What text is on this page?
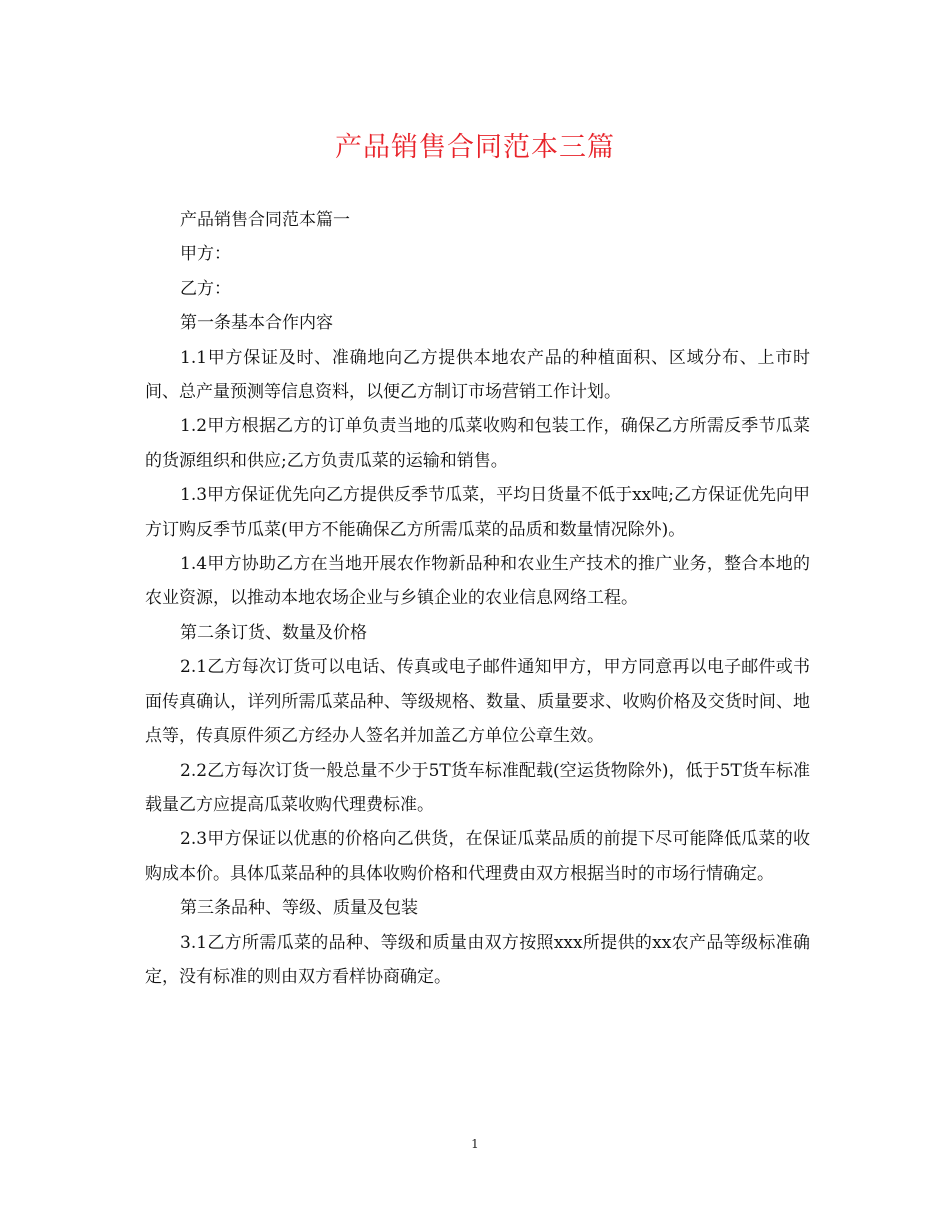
产品销售合同范本三篇

产品销售合同范本篇一

甲方：

乙方：

第一条基本合作内容

1.1甲方保证及时、准确地向乙方提供本地农产品的种植面积、区域分布、上市时间、总产量预测等信息资料，以便乙方制订市场营销工作计划。

1.2甲方根据乙方的订单负责当地的瓜菜收购和包装工作，确保乙方所需反季节瓜菜的货源组织和供应;乙方负责瓜菜的运输和销售。

1.3甲方保证优先向乙方提供反季节瓜菜，平均日货量不低于xx吨;乙方保证优先向甲方订购反季节瓜菜(甲方不能确保乙方所需瓜菜的品质和数量情况除外)。

1.4甲方协助乙方在当地开展农作物新品种和农业生产技术的推广业务，整合本地的农业资源，以推动本地农场企业与乡镇企业的农业信息网络工程。

第二条订货、数量及价格

2.1乙方每次订货可以电话、传真或电子邮件通知甲方，甲方同意再以电子邮件或书面传真确认，详列所需瓜菜品种、等级规格、数量、质量要求、收购价格及交货时间、地点等，传真原件须乙方经办人签名并加盖乙方单位公章生效。

2.2乙方每次订货一般总量不少于5T货车标准配载(空运货物除外)，低于5T货车标准载量乙方应提高瓜菜收购代理费标准。

2.3甲方保证以优惠的价格向乙供货，在保证瓜菜品质的前提下尽可能降低瓜菜的收购成本价。具体瓜菜品种的具体收购价格和代理费由双方根据当时的市场行情确定。

第三条品种、等级、质量及包装

3.1乙方所需瓜菜的品种、等级和质量由双方按照xxx所提供的xx农产品等级标准确定，没有标准的则由双方看样协商确定。

1
